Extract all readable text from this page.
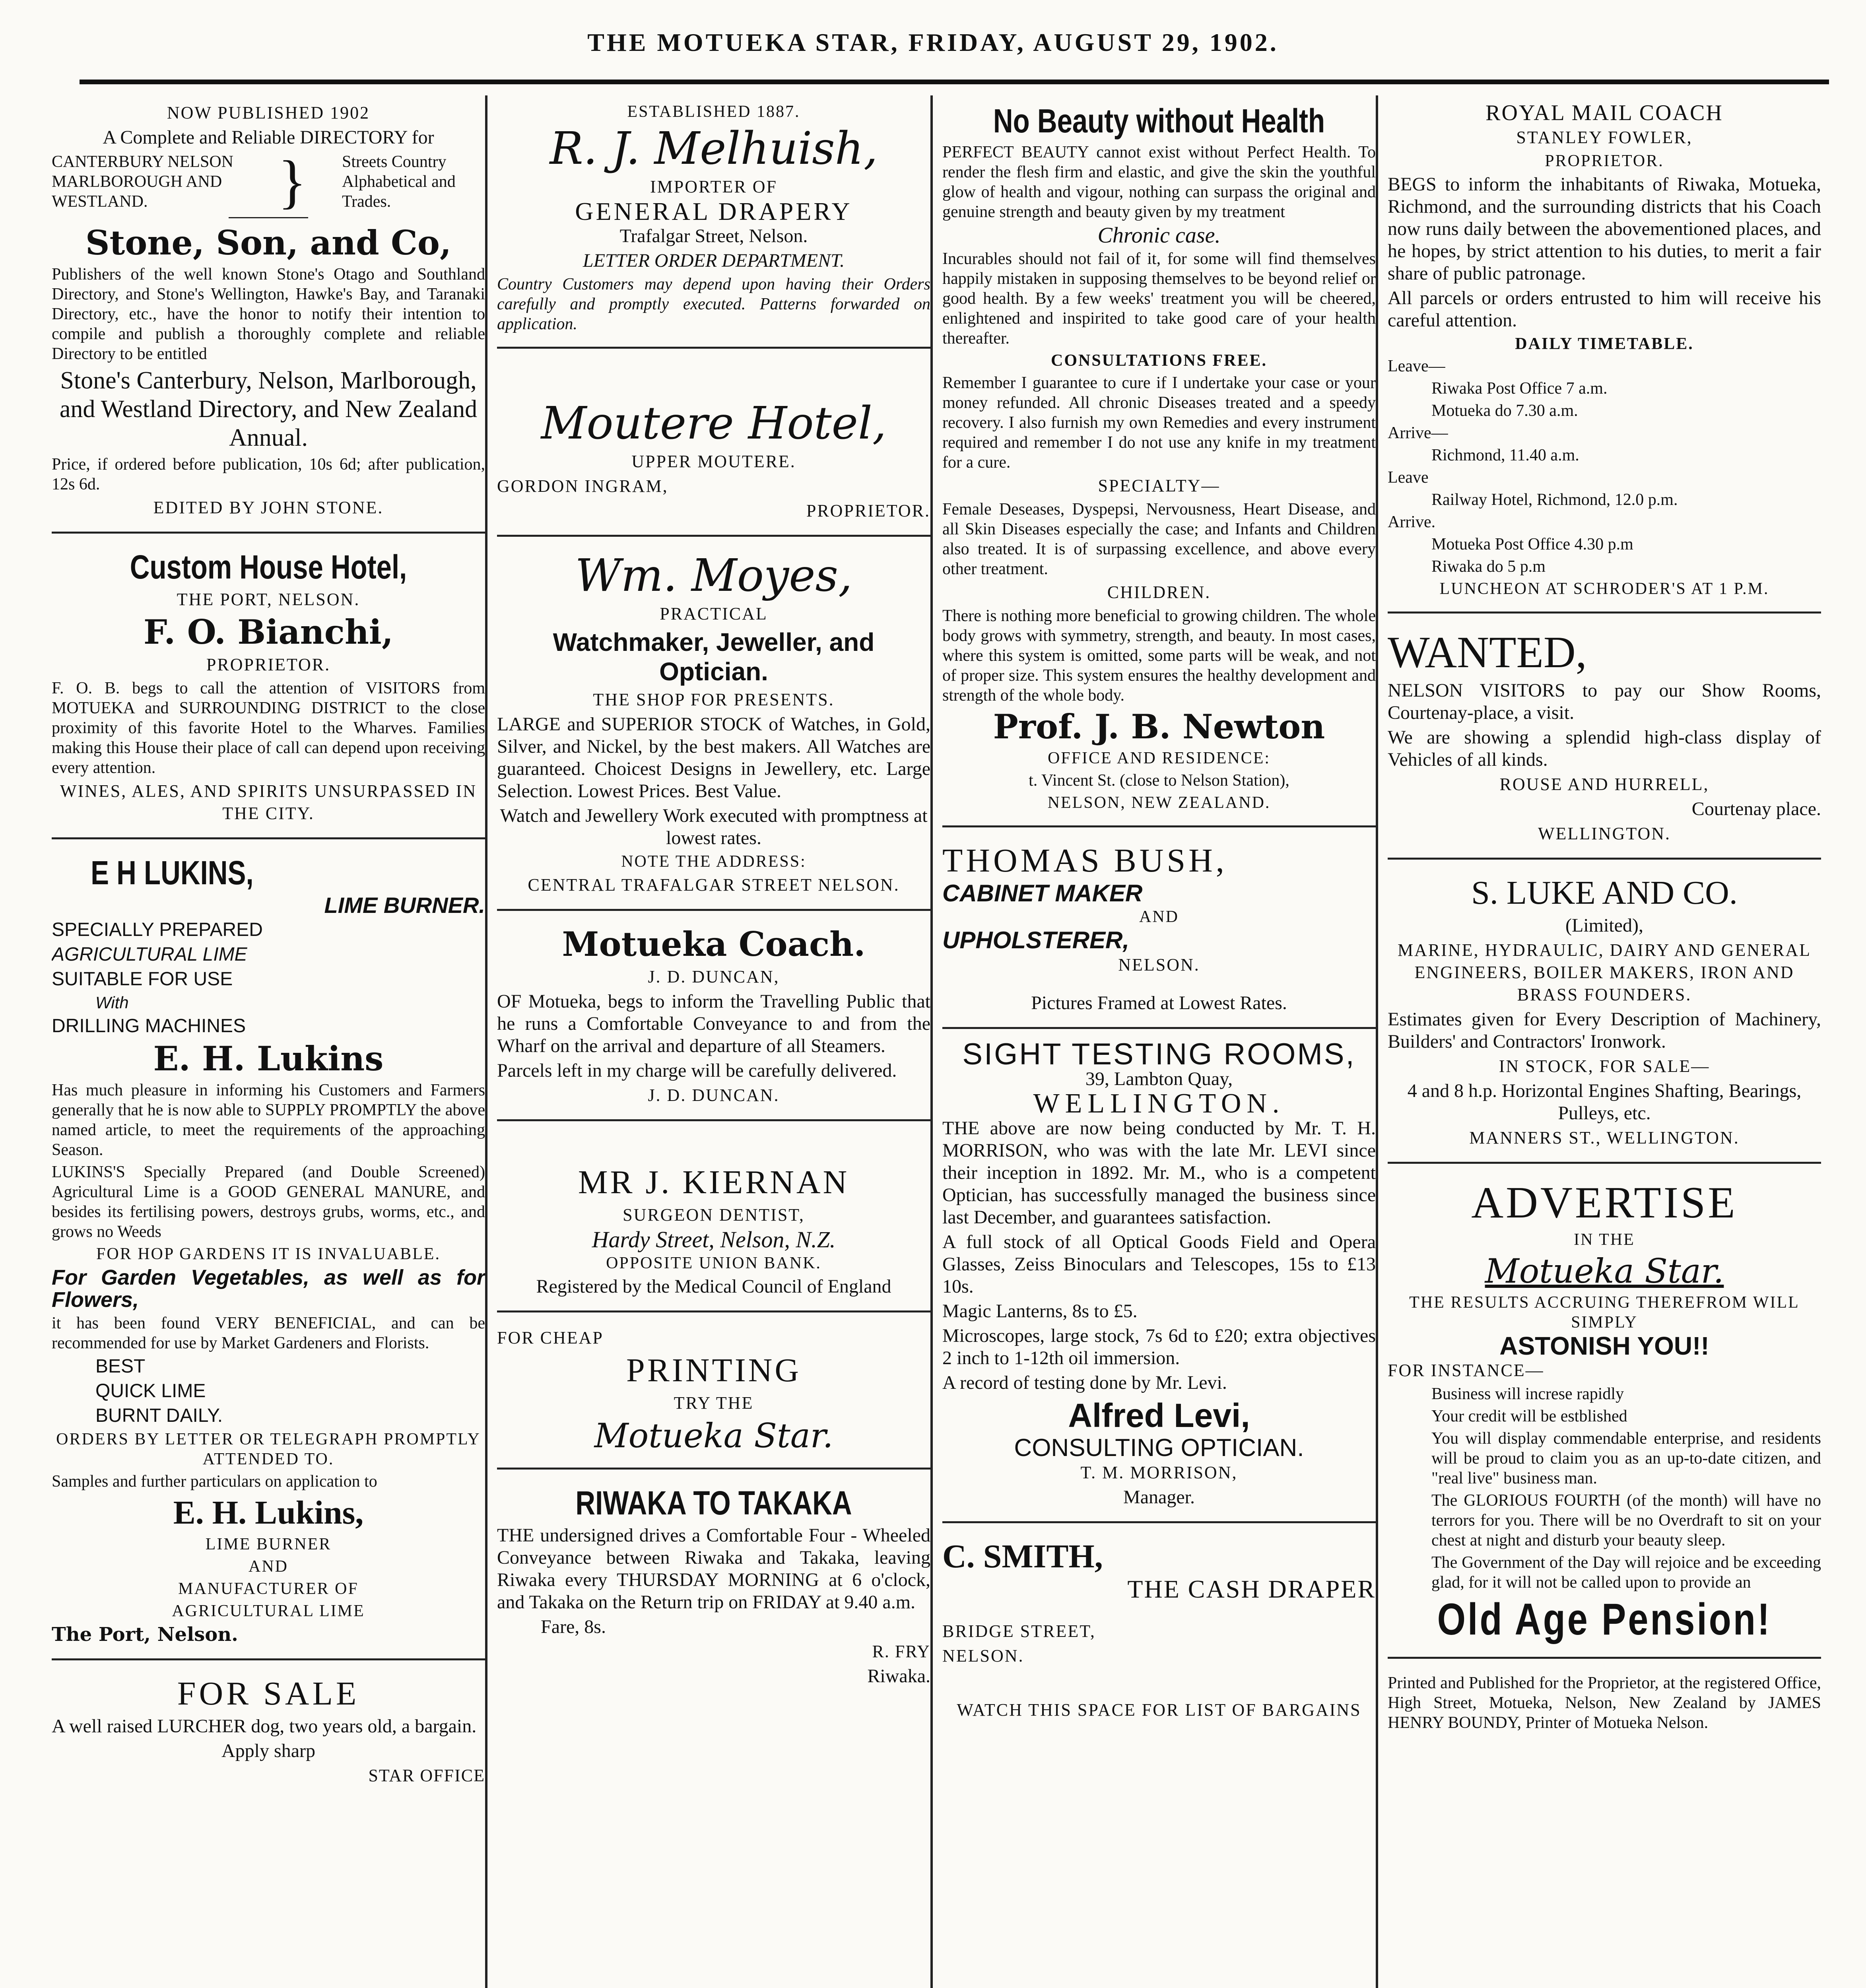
THE MOTUEKA STAR, FRIDAY, AUGUST 29, 1902.

NOW PUBLISHED 1902

A Complete and Reliable DIRECTORY for

CANTERBURY NELSON MARLBOROUGH AND WESTLAND.	} Streets Country Alphabetical and Trades.

Stone, Son, and Co,

Publishers of the well known Stone's Otago and Southland Directory, and Stone's Wellington, Hawke's Bay, and Taranaki Directory, etc., have the honor to notify their intention to compile and publish a thoroughly complete and reliable Directory to be entitled

Stone's Canterbury, Nelson, Marlborough, and Westland Directory, and New Zealand Annual.

Price, if ordered before publication, 10s 6d; after publication, 12s 6d.

EDITED BY JOHN STONE.

Custom House Hotel,

THE PORT, NELSON.

F. O. Bianchi,

PROPRIETOR.

F. O. B. begs to call the attention of VISITORS from MOTUEKA and SURROUNDING DISTRICT to the close proximity of this favorite Hotel to the Wharves. Families making this House their place of call can depend upon receiving every attention.

WINES, ALES, AND SPIRITS UNSURPASSED IN THE CITY.

E H LUKINS,

LIME BURNER.

SPECIALLY PREPARED

AGRICULTURAL LIME

SUITABLE FOR USE

With

DRILLING MACHINES

E. H. Lukins

Has much pleasure in informing his Customers and Farmers generally that he is now able to SUPPLY PROMPTLY the above named article, to meet the requirements of the approaching Season.

LUKINS'S Specially Prepared (and Double Screened) Agricultural Lime is a GOOD GENERAL MANURE, and besides its fertilising powers, destroys grubs, worms, etc., and grows no Weeds

FOR HOP GARDENS IT IS INVALUABLE.

For Garden Vegetables, as well as for Flowers,

it has been found VERY BENEFICIAL, and can be recommended for use by Market Gardeners and Florists.

BEST

QUICK LIME

BURNT DAILY.

ORDERS BY LETTER OR TELEGRAPH PROMPTLY ATTENDED TO.

Samples and further particulars on application to

E. H. Lukins,

LIME BURNER

AND

MANUFACTURER OF

AGRICULTURAL LIME

The Port, Nelson.

FOR SALE

A well raised LURCHER dog, two years old, a bargain.

Apply sharp

STAR OFFICE

ESTABLISHED 1887.

R. J. Melhuish,

IMPORTER OF

GENERAL DRAPERY

Trafalgar Street, Nelson.

LETTER ORDER DEPARTMENT.

Country Customers may depend upon having their Orders carefully and promptly executed. Patterns forwarded on application.

Moutere Hotel,

UPPER MOUTERE.

GORDON INGRAM,

PROPRIETOR.

Wm. Moyes,

PRACTICAL

Watchmaker, Jeweller, and Optician.

THE SHOP FOR PRESENTS.

LARGE and SUPERIOR STOCK of Watches, in Gold, Silver, and Nickel, by the best makers. All Watches are guaranteed. Choicest Designs in Jewellery, etc. Large Selection. Lowest Prices. Best Value.

Watch and Jewellery Work executed with promptness at lowest rates.

NOTE THE ADDRESS:

CENTRAL TRAFALGAR STREET NELSON.

Motueka Coach.

J. D. DUNCAN,

OF Motueka, begs to inform the Travelling Public that he runs a Comfortable Conveyance to and from the Wharf on the arrival and departure of all Steamers.

Parcels left in my charge will be carefully delivered.

J. D. DUNCAN.

MR J. KIERNAN

SURGEON DENTIST,

Hardy Street, Nelson, N.Z.

OPPOSITE UNION BANK.

Registered by the Medical Council of England

FOR CHEAP

PRINTING

TRY THE

Motueka Star.

RIWAKA TO TAKAKA

THE undersigned drives a Comfortable Four - Wheeled Conveyance between Riwaka and Takaka, leaving Riwaka every THURSDAY MORNING at 6 o'clock, and Takaka on the Return trip on FRIDAY at 9.40 a.m.

Fare, 8s.

R. FRY

Riwaka.

No Beauty without Health

PERFECT BEAUTY cannot exist without Perfect Health. To render the flesh firm and elastic, and give the skin the youthful glow of health and vigour, nothing can surpass the original and genuine strength and beauty given by my treatment

Chronic case.

Incurables should not fail of it, for some will find themselves happily mistaken in supposing themselves to be beyond relief or good health. By a few weeks' treatment you will be cheered, enlightened and inspirited to take good care of your health thereafter.

CONSULTATIONS FREE.

Remember I guarantee to cure if I undertake your case or your money refunded. All chronic Diseases treated and a speedy recovery. I also furnish my own Remedies and every instrument required and remember I do not use any knife in my treatment for a cure.

SPECIALTY—

Female Deseases, Dyspepsi, Nervousness, Heart Disease, and all Skin Diseases especially the case; and Infants and Children also treated. It is of surpassing excellence, and above every other treatment.

CHILDREN.

There is nothing more beneficial to growing children. The whole body grows with symmetry, strength, and beauty. In most cases, where this system is omitted, some parts will be weak, and not of proper size. This system ensures the healthy development and strength of the whole body.

Prof. J. B. Newton

OFFICE AND RESIDENCE:

t. Vincent St. (close to Nelson Station),

NELSON, NEW ZEALAND.

THOMAS BUSH,

CABINET MAKER

AND

UPHOLSTERER,

NELSON.

Pictures Framed at Lowest Rates.

SIGHT TESTING ROOMS,

39, Lambton Quay,

WELLINGTON.

THE above are now being conducted by Mr. T. H. MORRISON, who was with the late Mr. LEVI since their inception in 1892. Mr. M., who is a competent Optician, has successfully managed the business since last December, and guarantees satisfaction.

A full stock of all Optical Goods Field and Opera Glasses, Zeiss Binoculars and Telescopes, 15s to £13 10s.

Magic Lanterns, 8s to £5.

Microscopes, large stock, 7s 6d to £20; extra objectives 2 inch to 1-12th oil immersion.

A record of testing done by Mr. Levi.

Alfred Levi,

CONSULTING OPTICIAN.

T. M. MORRISON,

Manager.

C. SMITH,

THE CASH DRAPER

BRIDGE STREET,

NELSON.

WATCH THIS SPACE FOR LIST OF BARGAINS

ROYAL MAIL COACH

STANLEY FOWLER,

PROPRIETOR.

BEGS to inform the inhabitants of Riwaka, Motueka, Richmond, and the surrounding districts that his Coach now runs daily between the abovementioned places, and he hopes, by strict attention to his duties, to merit a fair share of public patronage.

All parcels or orders entrusted to him will receive his careful attention.

DAILY TIMETABLE.

Leave—

Riwaka Post Office 7 a.m.

Motueka do 7.30 a.m.

Arrive—

Richmond, 11.40 a.m.

Leave

Railway Hotel, Richmond, 12.0 p.m.

Arrive.

Motueka Post Office 4.30 p.m

Riwaka do 5 p.m

LUNCHEON AT SCHRODER'S AT 1 P.M.

WANTED,

NELSON VISITORS to pay our Show Rooms, Courtenay-place, a visit.

We are showing a splendid high-class display of Vehicles of all kinds.

ROUSE AND HURRELL,

Courtenay place.

WELLINGTON.

S. LUKE AND CO.

(Limited),

MARINE, HYDRAULIC, DAIRY AND GENERAL ENGINEERS, BOILER MAKERS, IRON AND BRASS FOUNDERS.

Estimates given for Every Description of Machinery, Builders' and Contractors' Ironwork.

IN STOCK, FOR SALE—

4 and 8 h.p. Horizontal Engines Shafting, Bearings, Pulleys, etc.

MANNERS ST., WELLINGTON.

ADVERTISE

IN THE

Motueka Star.

THE RESULTS ACCRUING THEREFROM WILL SIMPLY

ASTONISH YOU!!

FOR INSTANCE—

Business will increse rapidly

Your credit will be estblished

You will display commendable enterprise, and residents will be proud to claim you as an up-to-date citizen, and "real live" business man.

The GLORIOUS FOURTH (of the month) will have no terrors for you. There will be no Overdraft to sit on your chest at night and disturb your beauty sleep.

The Government of the Day will rejoice and be exceeding glad, for it will not be called upon to provide an

Old Age Pension!

Printed and Published for the Proprietor, at the registered Office, High Street, Motueka, Nelson, New Zealand by JAMES HENRY BOUNDY, Printer of Motueka Nelson.
